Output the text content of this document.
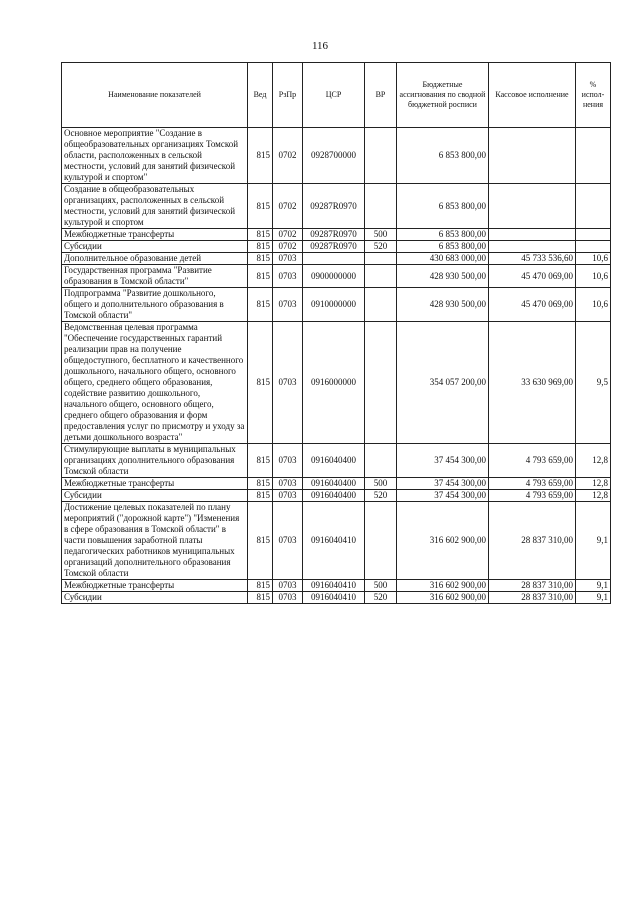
116
Наименование показателей	Вед	РзПр	ЦСР	ВР	Бюджетные ассигнования по сводной бюджетной росписи	Кассовое исполнение	% испол-нения
Основное мероприятие "Создание в общеобразовательных организациях Томской области, расположенных в сельской местности, условий для занятий физической культурой и спортом"	815	0702	0928700000		6 853 800,00		
Создание в общеобразовательных организациях, расположенных в сельской местности, условий для занятий физической культурой и спортом	815	0702	09287R0970		6 853 800,00		
Межбюджетные трансферты	815	0702	09287R0970	500	6 853 800,00		
Субсидии	815	0702	09287R0970	520	6 853 800,00		
Дополнительное образование детей	815	0703			430 683 000,00	45 733 536,60	10,6
Государственная программа "Развитие образования в Томской области"	815	0703	0900000000		428 930 500,00	45 470 069,00	10,6
Подпрограмма "Развитие дошкольного, общего и дополнительного образования в Томской области"	815	0703	0910000000		428 930 500,00	45 470 069,00	10,6
Ведомственная целевая программа "Обеспечение государственных гарантий реализации прав на получение общедоступного, бесплатного и качественного дошкольного, начального общего, основного общего, среднего общего образования, содействие развитию дошкольного, начального общего, основного общего, среднего общего образования и форм предоставления услуг по присмотру и уходу за детьми дошкольного возраста"	815	0703	0916000000		354 057 200,00	33 630 969,00	9,5
Стимулирующие выплаты в муниципальных организациях дополнительного образования Томской области	815	0703	0916040400		37 454 300,00	4 793 659,00	12,8
Межбюджетные трансферты	815	0703	0916040400	500	37 454 300,00	4 793 659,00	12,8
Субсидии	815	0703	0916040400	520	37 454 300,00	4 793 659,00	12,8
Достижение целевых показателей по плану мероприятий ("дорожной карте") "Изменения в сфере образования в Томской области" в части повышения заработной платы педагогических работников муниципальных организаций дополнительного образования Томской области	815	0703	0916040410		316 602 900,00	28 837 310,00	9,1
Межбюджетные трансферты	815	0703	0916040410	500	316 602 900,00	28 837 310,00	9,1
Субсидии	815	0703	0916040410	520	316 602 900,00	28 837 310,00	9,1
